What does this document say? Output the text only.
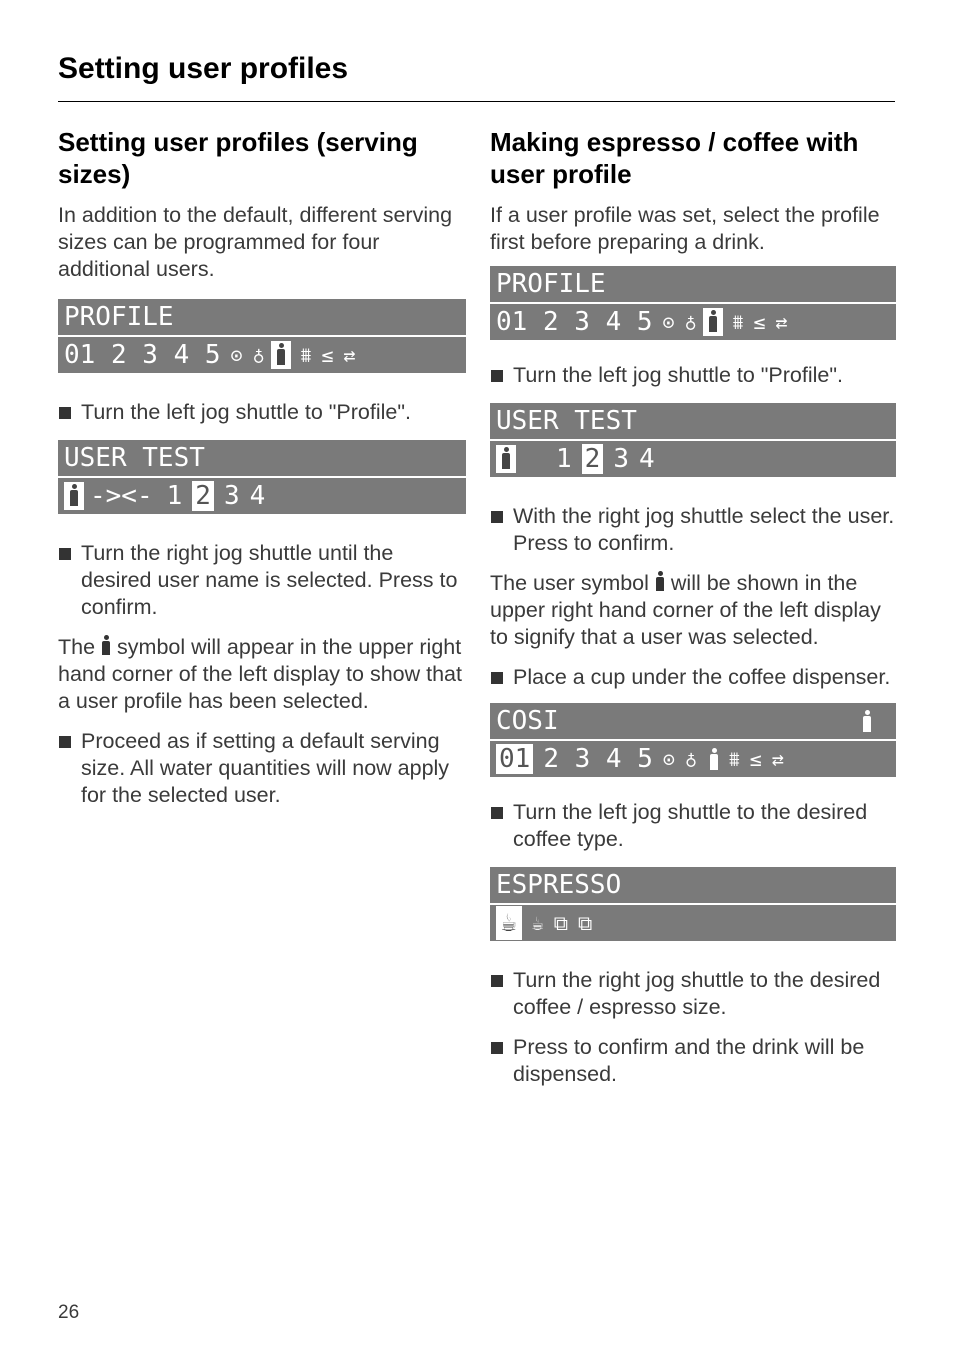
Setting user profiles
Setting user profiles (serving sizes)

In addition to the default, different serving sizes can be programmed for four additional users.

PROFILE
01 2 3 4 5 ⊙ ♁ ⩩ ≤ ⇄
Turn the left jog shuttle to "Profile".
USER TEST
-><- 1 2 3 4
Turn the right jog shuttle until the desired user name is selected. Press to confirm.

The symbol will appear in the upper right hand corner of the left display to show that a user profile has been selected.

Proceed as if setting a default serving size. All water quantities will now apply for the selected user.
Making espresso / coffee with user profile

If a user profile was set, select the profile first before preparing a drink.

PROFILE
01 2 3 4 5 ⊙ ♁ ⩩ ≤ ⇄
Turn the left jog shuttle to "Profile".
USER TEST
1 2 3 4
With the right jog shuttle select the user. Press to confirm.

The user symbol will be shown in the upper right hand corner of the left display to signify that a user was selected.

Place a cup under the coffee dispenser.
COSI
01 2 3 4 5 ⊙ ♁ ⩩ ≤ ⇄
Turn the left jog shuttle to the desired coffee type.
ESPRESSO
☕ ☕ ⧉ ⧉
Turn the right jog shuttle to the desired coffee / espresso size.
Press to confirm and the drink will be dispensed.
26
